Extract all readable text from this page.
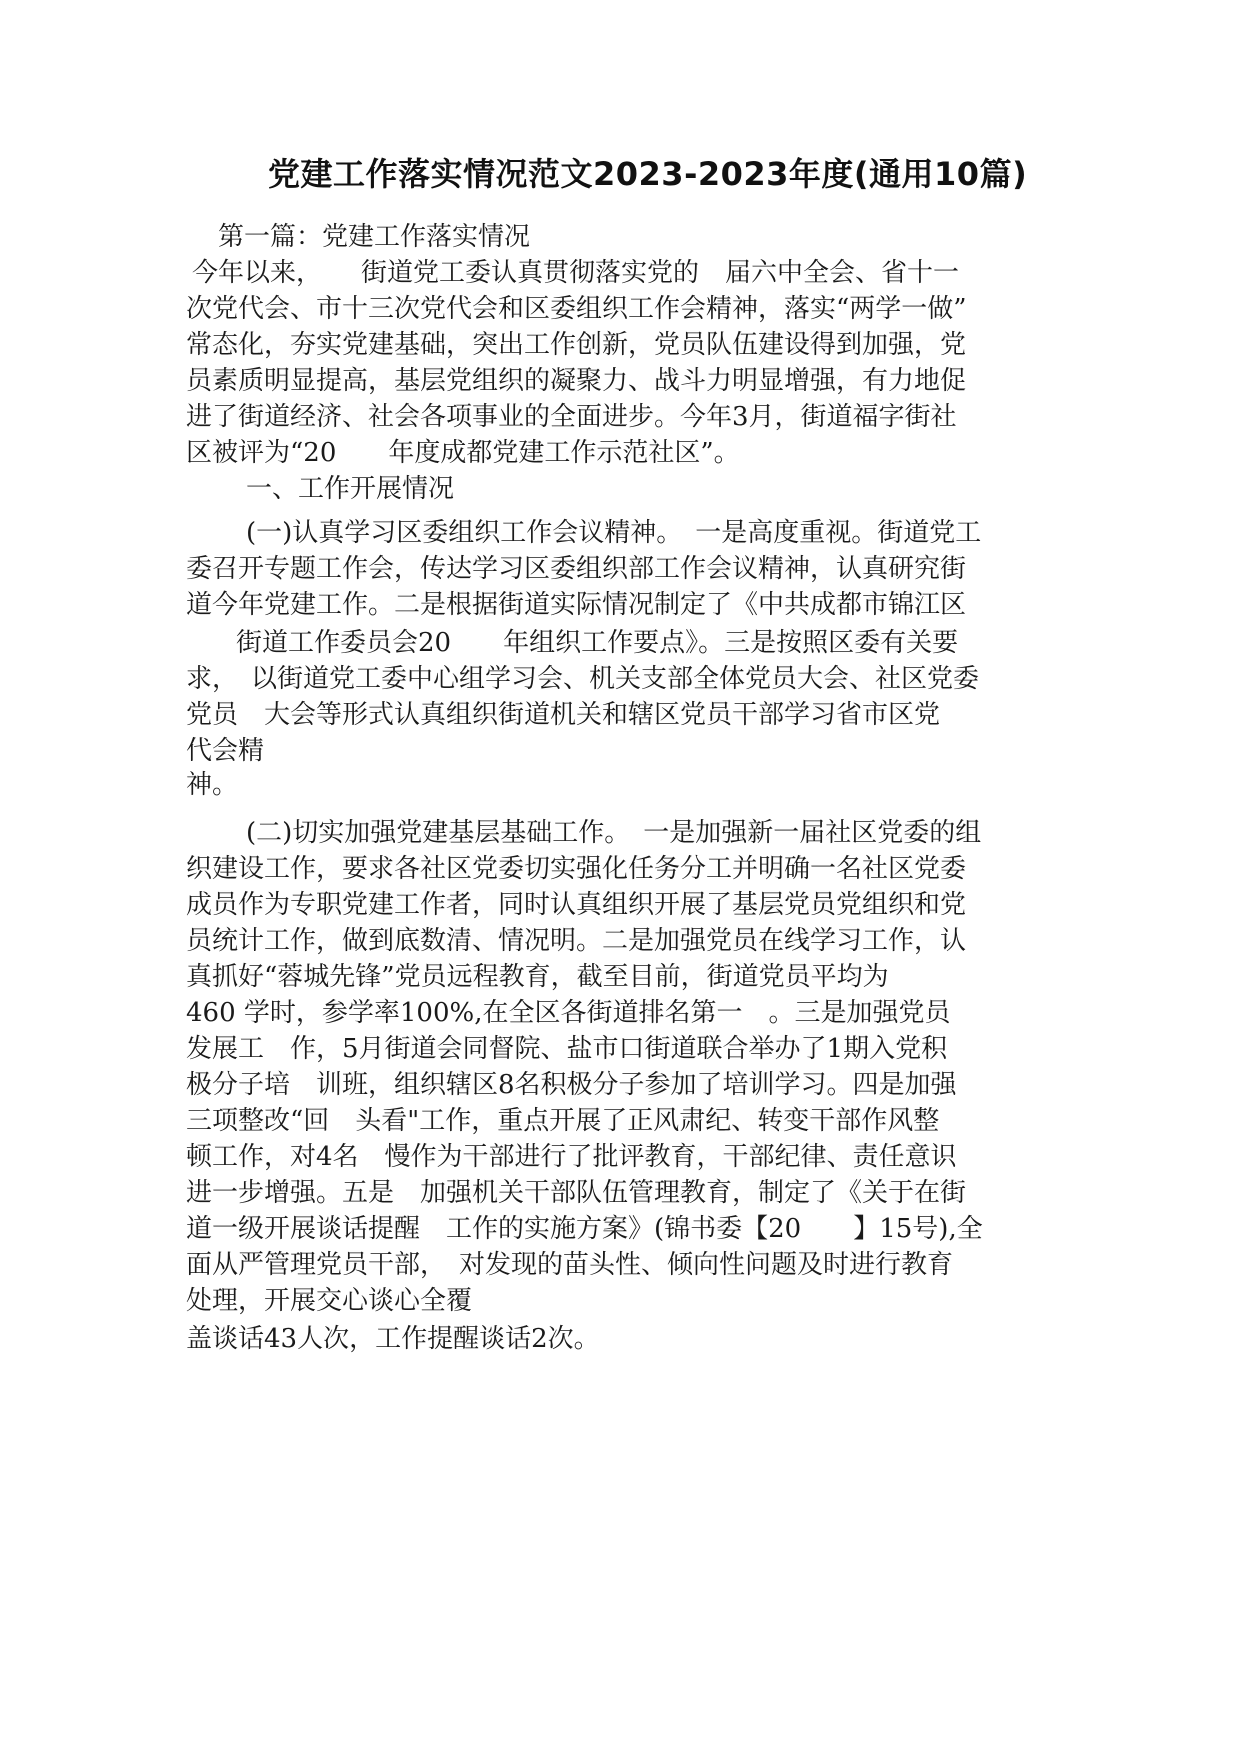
党建工作落实情况范文2023-2023年度(通用10篇)

第一篇：党建工作落实情况

今年以来，　　街道党工委认真贯彻落实党的　届六中全会、省十一

次党代会、市十三次党代会和区委组织工作会精神，落实“两学一做”

常态化，夯实党建基础，突出工作创新，党员队伍建设得到加强，党

员素质明显提高，基层党组织的凝聚力、战斗力明显增强，有力地促

进了街道经济、社会各项事业的全面进步。今年3月，街道福字街社

区被评为“20　　年度成都党建工作示范社区”。

一、工作开展情况

(一)认真学习区委组织工作会议精神。　一是高度重视。街道党工

委召开专题工作会，传达学习区委组织部工作会议精神，认真研究街

道今年党建工作。二是根据街道实际情况制定了《中共成都市锦江区

街道工作委员会20　　年组织工作要点》。三是按照区委有关要

求，　以街道党工委中心组学习会、机关支部全体党员大会、社区党委

党员　大会等形式认真组织街道机关和辖区党员干部学习省市区党

代会精

神。

(二)切实加强党建基层基础工作。　一是加强新一届社区党委的组

织建设工作，要求各社区党委切实强化任务分工并明确一名社区党委

成员作为专职党建工作者，同时认真组织开展了基层党员党组织和党

员统计工作，做到底数清、情况明。二是加强党员在线学习工作，认

真抓好“蓉城先锋”党员远程教育，截至目前，街道党员平均为

460 学时，参学率100%,在全区各街道排名第一　。三是加强党员

发展工　作，5月街道会同督院、盐市口街道联合举办了1期入党积

极分子培　训班，组织辖区8名积极分子参加了培训学习。四是加强

三项整改“回　头看"工作，重点开展了正风肃纪、转变干部作风整

顿工作，对4名　慢作为干部进行了批评教育，干部纪律、责任意识

进一步增强。五是　加强机关干部队伍管理教育，制定了《关于在街

道一级开展谈话提醒　工作的实施方案》(锦书委【20　　】15号),全

面从严管理党员干部，　对发现的苗头性、倾向性问题及时进行教育

处理，开展交心谈心全覆

盖谈话43人次，工作提醒谈话2次。
